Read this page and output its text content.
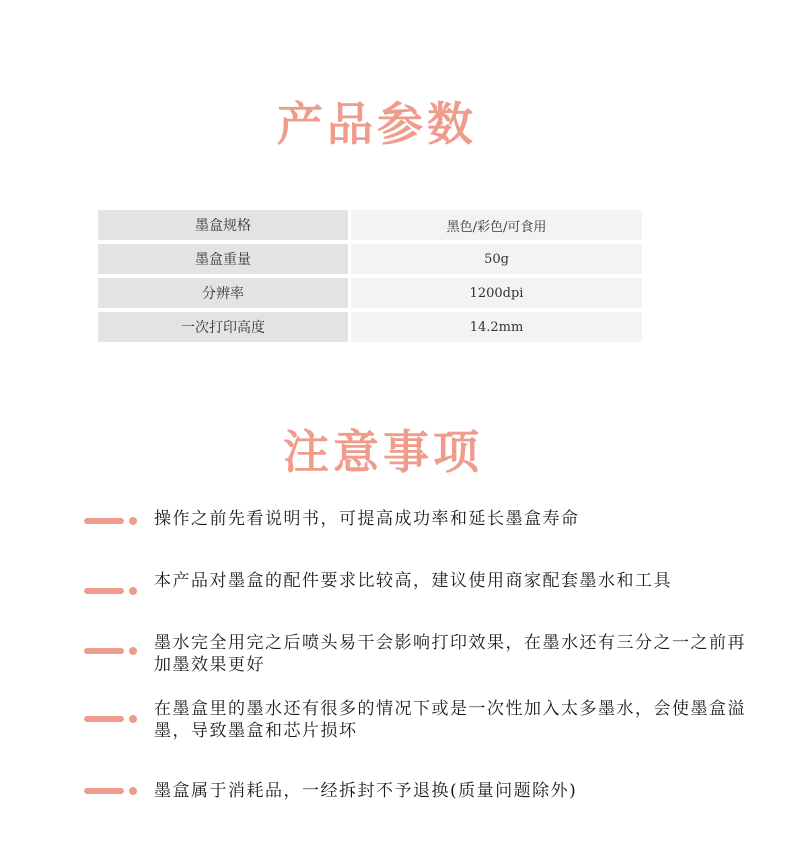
产品参数
墨盒规格	黑色/彩色/可食用
墨盒重量	50g
分辨率	1200dpi
一次打印高度	14.2mm
注意事项
操作之前先看说明书，可提高成功率和延长墨盒寿命
本产品对墨盒的配件要求比较高，建议使用商家配套墨水和工具
墨水完全用完之后喷头易干会影响打印效果，在墨水还有三分之一之前再加墨效果更好
在墨盒里的墨水还有很多的情况下或是一次性加入太多墨水，会使墨盒溢墨，导致墨盒和芯片损坏
墨盒属于消耗品，一经拆封不予退换(质量问题除外)
